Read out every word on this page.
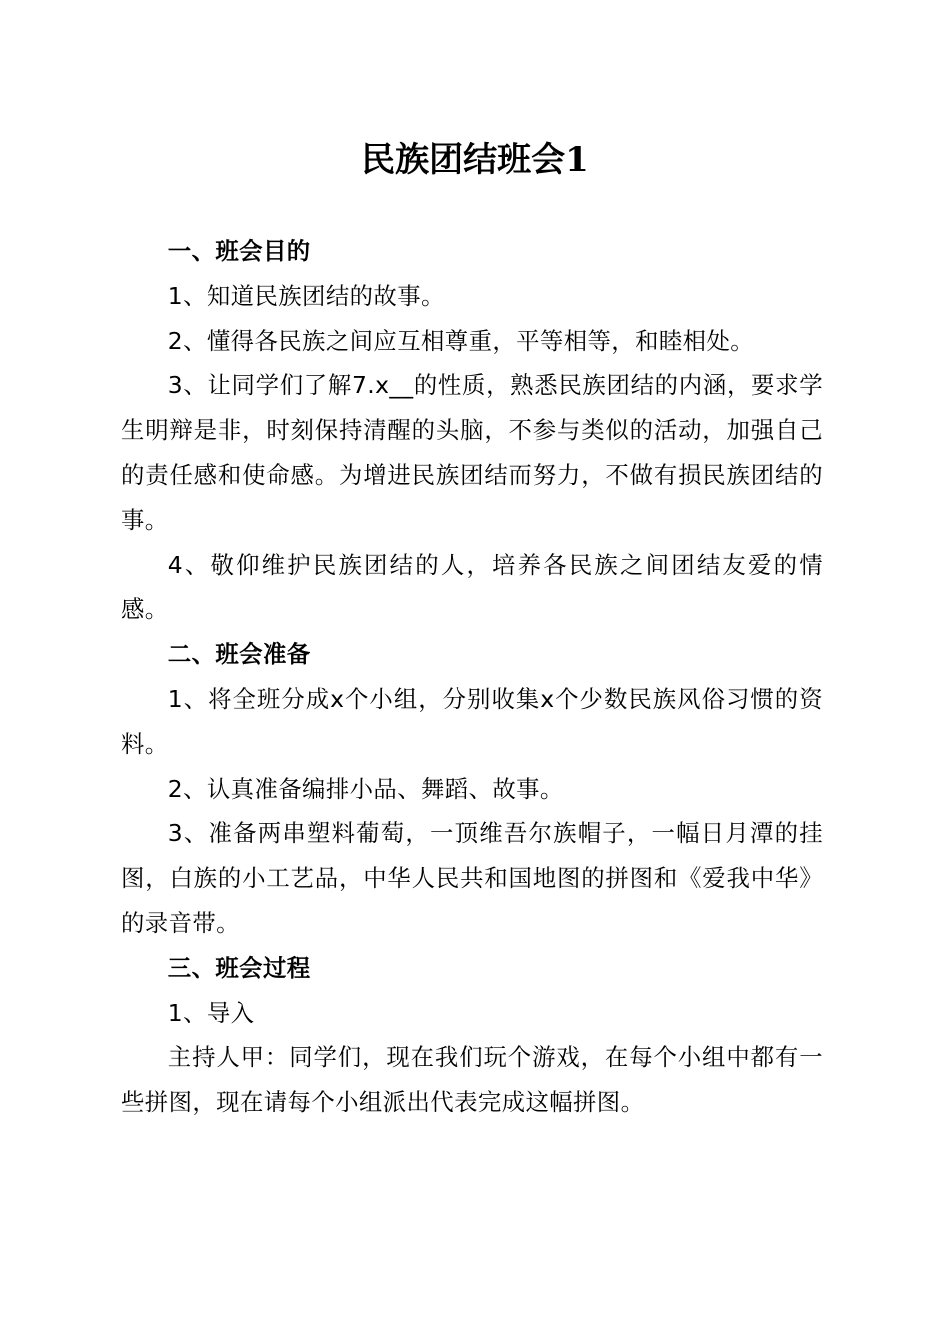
民族团结班会1
一、班会目的

1、知道民族团结的故事。

2、懂得各民族之间应互相尊重，平等相等，和睦相处。

3、让同学们了解7.x__的性质，熟悉民族团结的内涵，要求学生明辩是非，时刻保持清醒的头脑，不参与类似的活动，加强自己的责任感和使命感。为增进民族团结而努力，不做有损民族团结的事。

4、敬仰维护民族团结的人，培养各民族之间团结友爱的情感。

二、班会准备

1、将全班分成x个小组，分别收集x个少数民族风俗习惯的资料。

2、认真准备编排小品、舞蹈、故事。

3、准备两串塑料葡萄，一顶维吾尔族帽子，一幅日月潭的挂图，白族的小工艺品，中华人民共和国地图的拼图和《爱我中华》的录音带。

三、班会过程

1、导入

主持人甲：同学们，现在我们玩个游戏，在每个小组中都有一些拼图，现在请每个小组派出代表完成这幅拼图。
